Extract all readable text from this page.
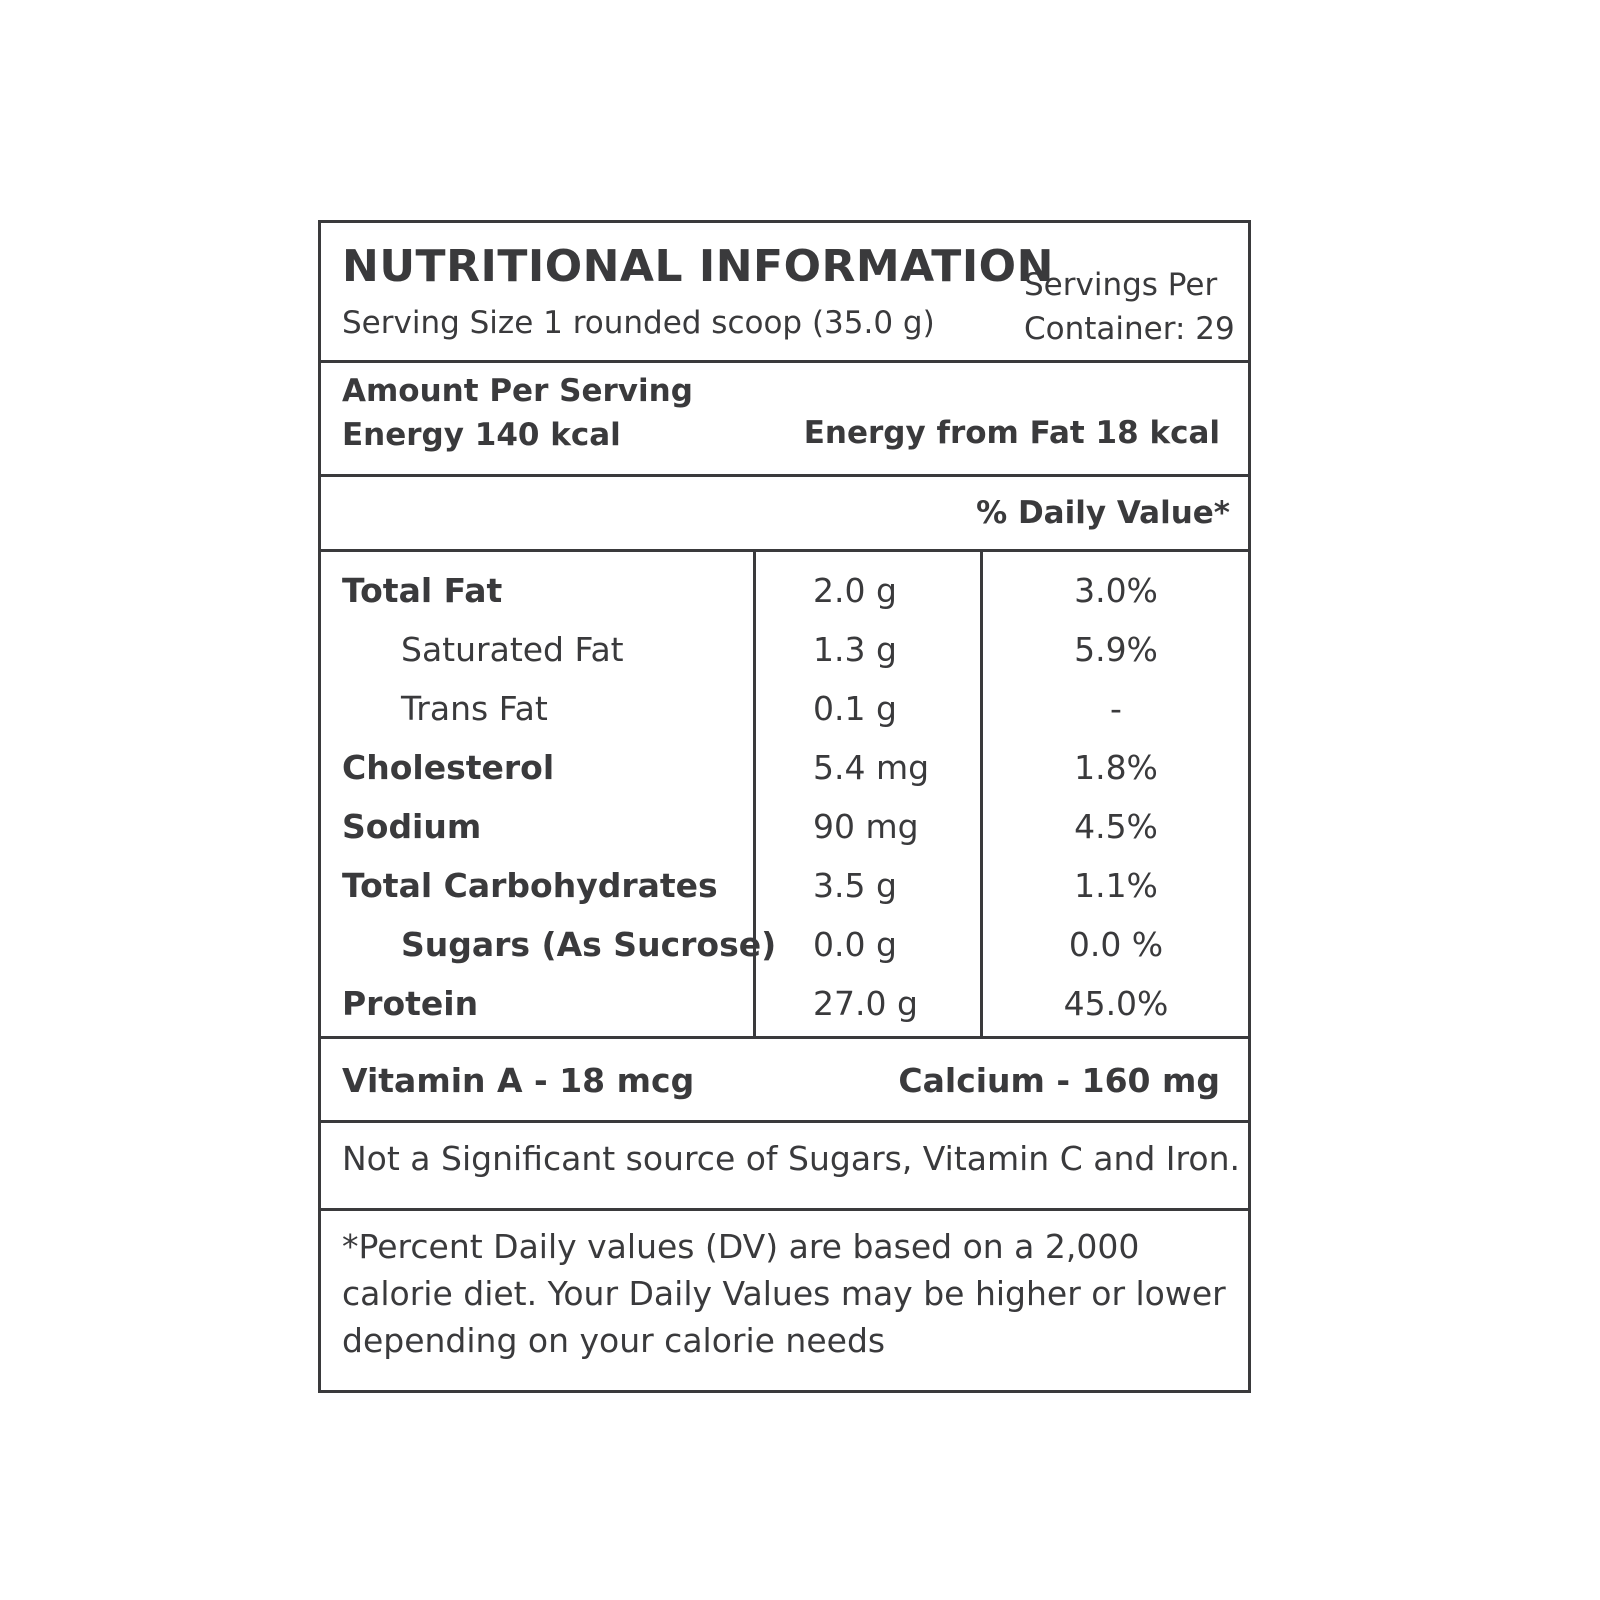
NUTRITIONAL INFORMATION
Serving Size 1 rounded scoop (35.0 g)
Servings Per Container: 29
Amount Per Serving
Energy 140 kcal	Energy from Fat 18 kcal
% Daily Value*
Total Fat	2.0 g	3.0%
Saturated Fat	1.3 g	5.9%
Trans Fat	0.1 g	-
Cholesterol	5.4 mg	1.8%
Sodium	90 mg	4.5%
Total Carbohydrates	3.5 g	1.1%
Sugars (As Sucrose) 0.0 g	0.0 %
Protein	27.0 g	45.0%
Vitamin A - 18 mcg	Calcium - 160 mg
Not a Significant source of Sugars, Vitamin C and Iron.
*Percent Daily values (DV) are based on a 2,000 calorie diet. Your Daily Values may be higher or lower depending on your calorie needs
